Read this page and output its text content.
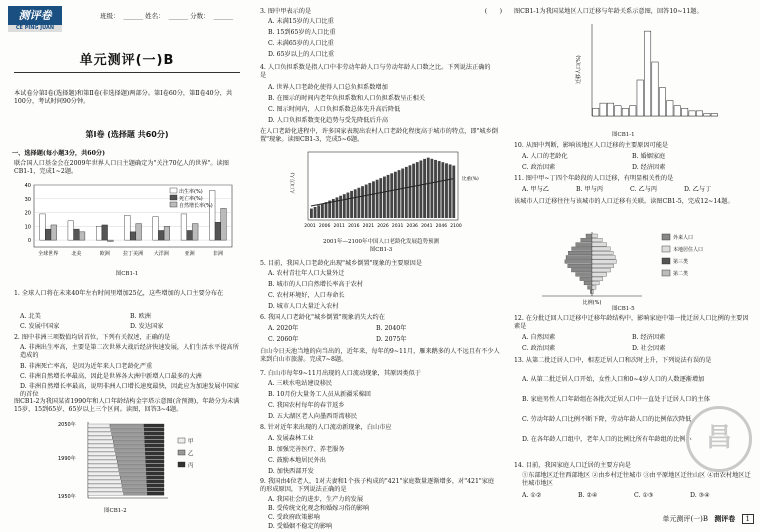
测评卷
CE PING JUAN
班级： ______ 姓名： ______ 分数： ______
单元测评(一)B
本试卷分第Ⅰ卷(选择题)和第Ⅱ卷(非选择题)两部分。第Ⅰ卷60分，第Ⅱ卷40分，共100分，考试时间90分钟。
第Ⅰ卷 (选择题 共60分)
一、选择题(每小题3分，共60分)
联合国人口基金会在2009年世界人口日主题确定为"关注70亿人的世界"。读图CB1-1，完成1~2题。
0
10
20
30
40
全球世界	北美	欧洲	拉丁美洲 大洋洲	亚洲	非洲
出生率(%)
死亡率(%)
自然增长率(%)
图CB1-1
1. 全球人口将在未来40年左右时间里增加25亿，这些增加的人口主要分布在
A. 北美	B. 欧洲
C. 发展中国家	D. 发达国家
2. 图中非洲三项数值均居首位，下列有关叙述，正确的是
A. 非洲出生率高，主要是第二次世界大战后经济快速发展，人们生活水平提高所造成的
B. 非洲死亡率高，是因为近年来人口老龄化严重
C. 非洲自然增长率最高，因此是世界各大洲中新增人口最多的大洲
D. 非洲自然增长率最高，说明非洲人口增长速度最快，因此应为加速发展中国家的首位
图CB1-2为我国某省1990年和人口年龄结构金字塔示意图(含预测)，年龄分为未满15岁、15到65岁、65岁以上三个区间。读图，回答3~4题。
2050年
1990年
1950年
甲
乙
丙
图CB1-2
3. 图中甲表示的是	(　　)
A. 未满15岁的人口比重
B. 15到65岁的人口比重
C. 未满65岁的人口比重
D. 65岁以上的人口比重
4. 人口负担系数是指人口中非劳动年龄人口与劳动年龄人口数之比。下列说法正确的是
A. 世界人口老龄化使得人口总负担系数增加
B. 在图示的时间内老年负担系数和人口负担系数呈正相关
C. 图示时间内，人口负担系数总体先升高后降低
D. 人口负担系数变化趋势与受先降低后升高
在人口老龄化进程中，许多国家表现出农村人口老龄化程度高于城市的特点，即"城乡倒置"现象。读图CB1-3，完成5~6题。
2001 2006 2011 2016 2021 2026 2031 2036 2041 2046 2100
人口(万人)	比重(%)
2001年—2100年中国人口老龄化发展趋势预测
图CB1-3
5. 目前，我国人口老龄化出现"城乡倒置"现象的主要原因是
A. 农村青壮年人口大量外迁
B. 城市的人口自然增长率高于农村
C. 农村环境好，人口寿命长
D. 城市人口大量迁入农村
6. 我国人口老龄化"城乡倒置"现象消失大约在
A. 2020年	B. 2040年
C. 2060年	D. 2075年
白山今日天池当地的向当出的，近年来，每年的9~11月，雁来鹅多的人不远且有不少人来到白山市旅游。完成7~8题。
7. 白山市每年9~11月出现的人口流动现象，其原因类似于
A. 三峡水电站建设移民
B. 10月份大量务工人员从新疆采棉回
C. 我国农村每年的春节返乡
D. 五大湖区老人向墨西哥湾移民
8. 针对近年来出现的人口流动新现象，白山市应
A. 发展森林工业
B. 加强完善医疗、养老服务
C. 鼓励本地居民外出
D. 加快西部开发
9. 我国由4位老人、1对夫妻和1个孩子构成的"421"家庭数量逐渐增多，对"421"家庭的形成原因，下列说法正确的是
A. 我国社会的进步，生产力的发展
B. 受传统文化观念和婚嫁习俗的影响
C. 受政府政策影响
D. 受婚姻不稳定的影响
图CB1-1为我国某地区人口迁移与年龄关系示意图，回答10~11题。
迁移人口(%)
图CB1-1
10. 从图中判断，影响该地区人口迁移的主要原因可能是
A. 人口的老龄化	B. 婚姻家庭
C. 政治因素	D. 经济因素
11. 图中甲~丁四个年龄段的人口迁移，有明显相关性的是
A. 甲与乙	B. 甲与丙	C. 乙与丙	D. 乙与丁
该城市人口迁移往往与该城市的人口迁移有关联。读图CB1-5，完成12~14题。
外来人口
本地居住人口
第三类
第二类
比例(%)
图CB1-5
12. 在分批迁回人口迁移中迁移年龄结构中，影响家庭中第一批迁居人口比例的主要因素是
A. 自然因素	B. 经济因素
C. 政治因素	D. 社会因素
13. 从第二批迁居人口中，相差迁居人口和次时上升，下列说法有误的是
A. 从第二批迁居人口开始，女性人口和0~4岁人口的人数逐渐增加
B. 家庭男性人口年龄组在各批次迁居人口中一直处于迁居人口的主体
C. 劳动年龄人口比例不断下降，劳动年龄人口的比例依次降低
D. 在各年龄人口组中，老年人口的比例比所有年龄组的比例小
14. 目前，我国家庭人口迁居的主要方向是
①东部地区迁往西部地区 ②由乡村迁往城市 ③由平原地区迁往山区 ④由农村地区迁往城市地区
A. ①②	B. ②④	C. ①③	D. ③④
昌
单元测评(一)B 测评卷 1
